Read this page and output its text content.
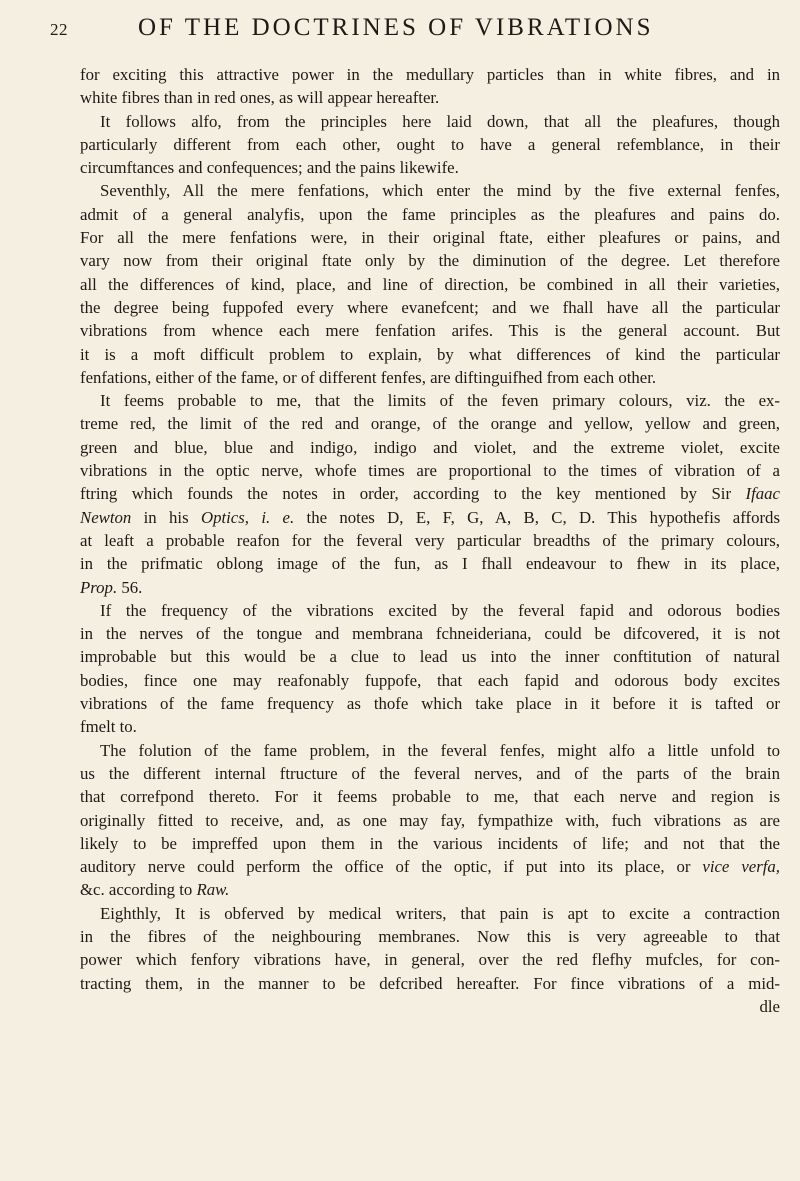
22	OF THE DOCTRINES OF VIBRATIONS
for exciting this attractive power in the medullary particles than in white fibres, and in
white fibres than in red ones, as will appear hereafter.
It follows alfo, from the principles here laid down, that all the pleafures, though
particularly different from each other, ought to have a general refemblance, in their
circumftances and confequences; and the pains likewife.
Seventhly, All the mere fenfations, which enter the mind by the five external fenfes,
admit of a general analyfis, upon the fame principles as the pleafures and pains do.
For all the mere fenfations were, in their original ftate, either pleafures or pains, and
vary now from their original ftate only by the diminution of the degree. Let therefore
all the differences of kind, place, and line of direction, be combined in all their varieties,
the degree being fuppofed every where evanefcent; and we fhall have all the particular
vibrations from whence each mere fenfation arifes. This is the general account. But
it is a moft difficult problem to explain, by what differences of kind the particular
fenfations, either of the fame, or of different fenfes, are diftinguifhed from each other.
It feems probable to me, that the limits of the feven primary colours, viz. the ex-
treme red, the limit of the red and orange, of the orange and yellow, yellow and green,
green and blue, blue and indigo, indigo and violet, and the extreme violet, excite
vibrations in the optic nerve, whofe times are proportional to the times of vibration of a
ftring which founds the notes in order, according to the key mentioned by Sir Ifaac
Newton in his Optics, i. e. the notes D, E, F, G, A, B, C, D. This hypothefis affords
at leaft a probable reafon for the feveral very particular breadths of the primary colours,
in the prifmatic oblong image of the fun, as I fhall endeavour to fhew in its place,
Prop. 56.
If the frequency of the vibrations excited by the feveral fapid and odorous bodies
in the nerves of the tongue and membrana fchneideriana, could be difcovered, it is not
improbable but this would be a clue to lead us into the inner conftitution of natural
bodies, fince one may reafonably fuppofe, that each fapid and odorous body excites
vibrations of the fame frequency as thofe which take place in it before it is tafted or
fmelt to.
The folution of the fame problem, in the feveral fenfes, might alfo a little unfold to
us the different internal ftructure of the feveral nerves, and of the parts of the brain
that correfpond thereto. For it feems probable to me, that each nerve and region is
originally fitted to receive, and, as one may fay, fympathize with, fuch vibrations as are
likely to be impreffed upon them in the various incidents of life; and not that the
auditory nerve could perform the office of the optic, if put into its place, or vice verfa,
&c. according to Raw.
Eighthly, It is obferved by medical writers, that pain is apt to excite a contraction
in the fibres of the neighbouring membranes. Now this is very agreeable to that
power which fenfory vibrations have, in general, over the red flefhy mufcles, for con-
tracting them, in the manner to be defcribed hereafter. For fince vibrations of a mid-
dle
